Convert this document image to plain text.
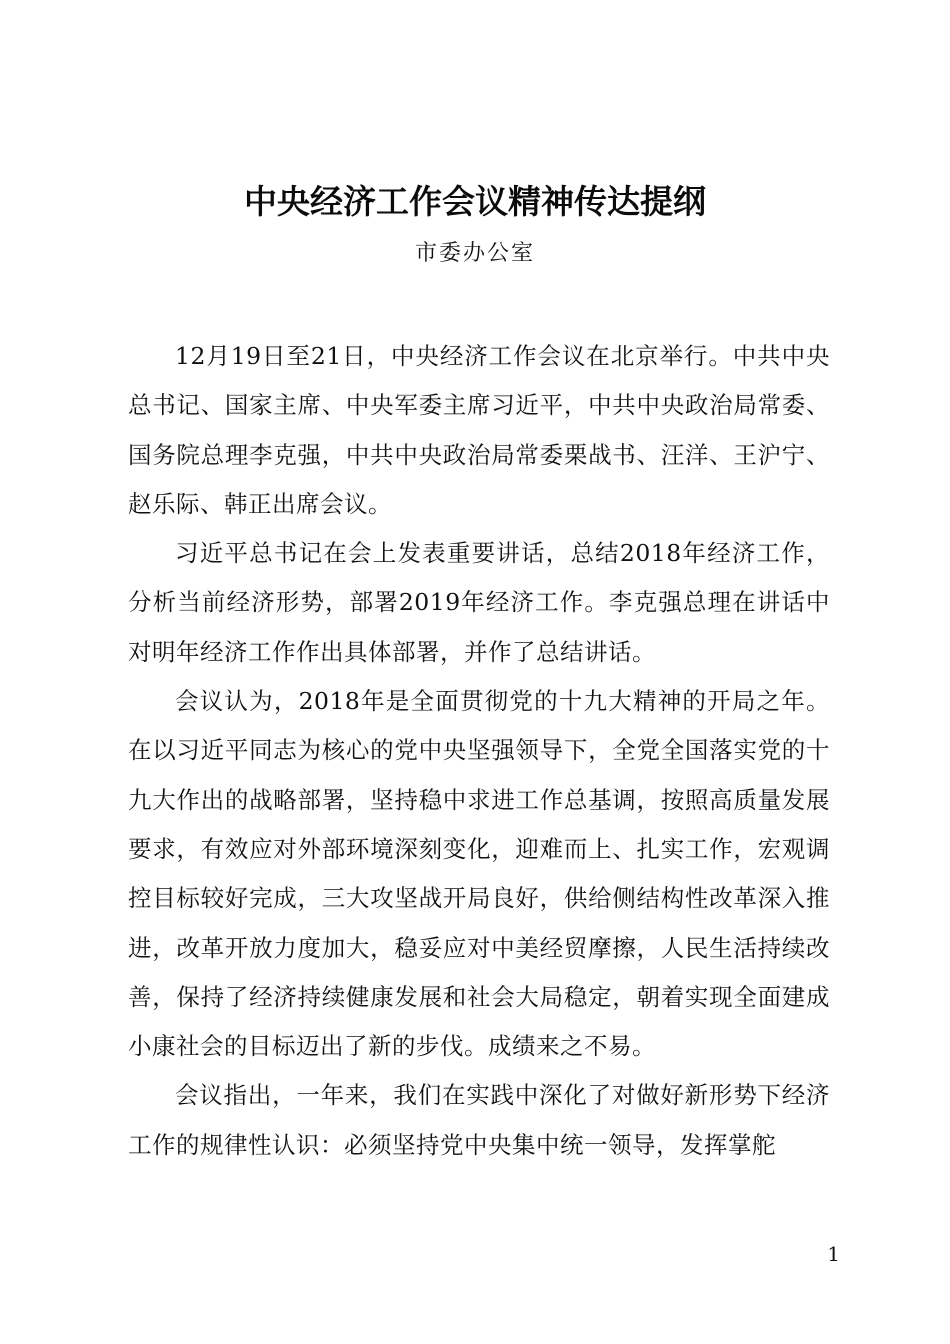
中央经济工作会议精神传达提纲
市委办公室

12月19日至21日，中央经济工作会议在北京举行。中共中央总书记、国家主席、中央军委主席习近平，中共中央政治局常委、国务院总理李克强，中共中央政治局常委栗战书、汪洋、王沪宁、赵乐际、韩正出席会议。

习近平总书记在会上发表重要讲话，总结2018年经济工作，分析当前经济形势，部署2019年经济工作。李克强总理在讲话中对明年经济工作作出具体部署，并作了总结讲话。

会议认为，2018年是全面贯彻党的十九大精神的开局之年。在以习近平同志为核心的党中央坚强领导下，全党全国落实党的十九大作出的战略部署，坚持稳中求进工作总基调，按照高质量发展要求，有效应对外部环境深刻变化，迎难而上、扎实工作，宏观调控目标较好完成，三大攻坚战开局良好，供给侧结构性改革深入推进，改革开放力度加大，稳妥应对中美经贸摩擦，人民生活持续改善，保持了经济持续健康发展和社会大局稳定，朝着实现全面建成小康社会的目标迈出了新的步伐。成绩来之不易。

会议指出，一年来，我们在实践中深化了对做好新形势下经济工作的规律性认识：必须坚持党中央集中统一领导，发挥掌舵

1
